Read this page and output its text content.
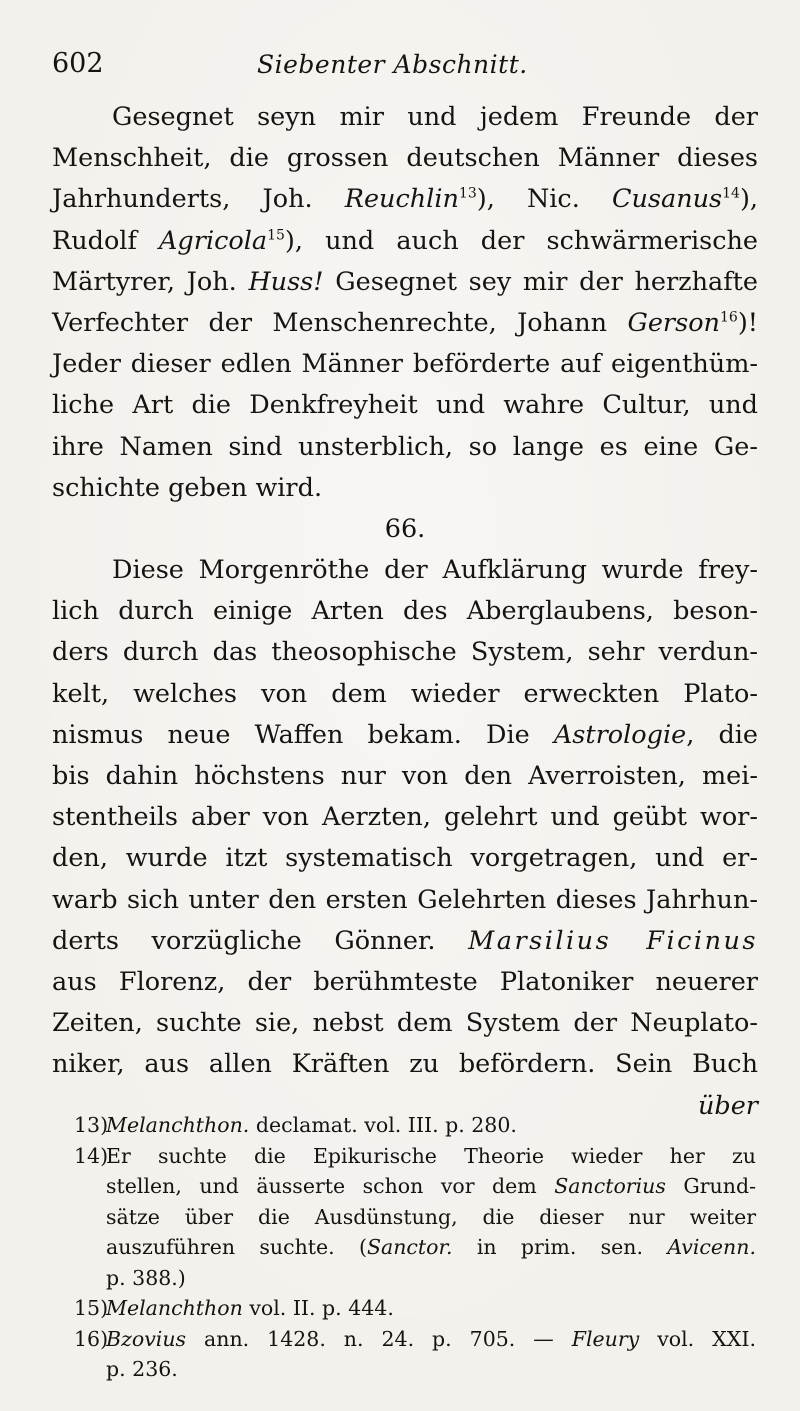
602	Siebenter Abschnitt.
Gesegnet seyn mir und jedem Freunde der
Menschheit, die grossen deutschen Männer dieses
Jahrhunderts, Joh. Reuchlin$^{13}$), Nic. Cusanus$^{14}$),
Rudolf Agricola$^{15}$), und auch der schwärmerische
Märtyrer, Joh. Huss! Gesegnet sey mir der herzhafte
Verfechter der Menschenrechte, Johann Gerson$^{16}$)!
Jeder dieser edlen Männer beförderte auf eigenthüm-
liche Art die Denkfreyheit und wahre Cultur, und
ihre Namen sind unsterblich, so lange es eine Ge-
schichte geben wird.
66.
Diese Morgenröthe der Aufklärung wurde frey-
lich durch einige Arten des Aberglaubens, beson-
ders durch das theosophische System, sehr verdun-
kelt, welches von dem wieder erweckten Plato-
nismus neue Waffen bekam. Die Astrologie, die
bis dahin höchstens nur von den Averroisten, mei-
stentheils aber von Aerzten, gelehrt und geübt wor-
den, wurde itzt systematisch vorgetragen, und er-
warb sich unter den ersten Gelehrten dieses Jahrhun-
derts vorzügliche Gönner. Marsilius Ficinus
aus Florenz, der berühmteste Platoniker neuerer
Zeiten, suchte sie, nebst dem System der Neuplato-
niker, aus allen Kräften zu befördern. Sein Buch
über
13)
Melanchthon. declamat. vol. III. p. 280.
14)
Er suchte die Epikurische Theorie wieder her zu
stellen, und äusserte schon vor dem Sanctorius Grund-
sätze über die Ausdünstung, die dieser nur weiter
auszuführen suchte. (Sanctor. in prim. sen. Avicenn.
p. 388.)
15)
Melanchthon vol. II. p. 444.
16)
Bzovius ann. 1428. n. 24. p. 705. — Fleury vol. XXI.
p. 236.
